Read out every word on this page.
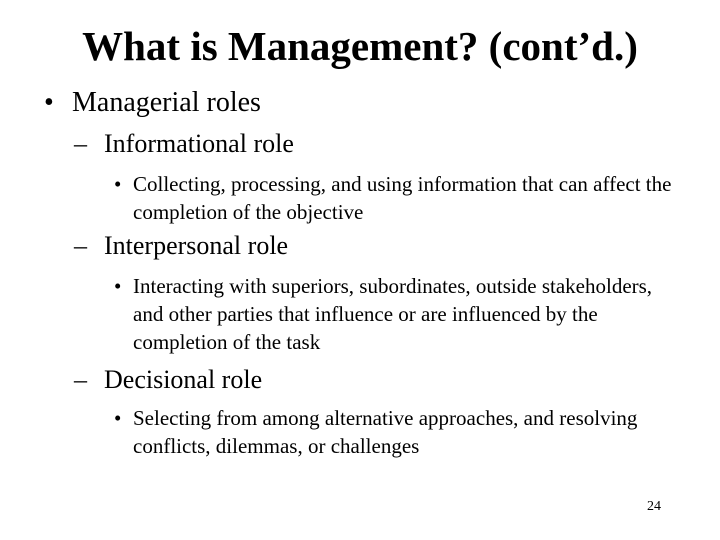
What is Management? (cont’d.)
• Managerial roles
– Informational role
• Collecting, processing, and using information that can affect the completion of the objective
– Interpersonal role
• Interacting with superiors, subordinates, outside stakeholders, and other parties that influence or are influenced by the completion of the task
– Decisional role
• Selecting from among alternative approaches, and resolving conflicts, dilemmas, or challenges
24
